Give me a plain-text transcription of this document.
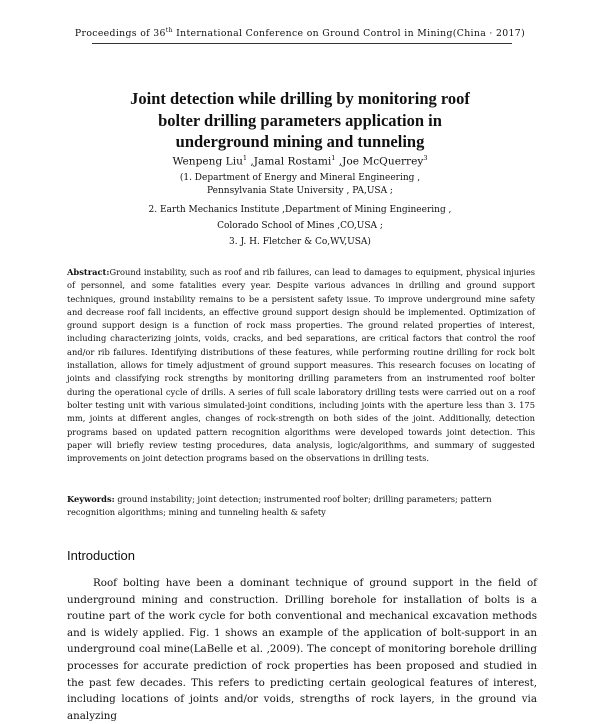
Proceedings of 36th International Conference on Ground Control in Mining(China · 2017)
Joint detection while drilling by monitoring roof
bolter drilling parameters application in
underground mining and tunneling
Wenpeng Liu$^1$ ,Jamal Rostami$^1$ ,Joe McQuerrey$^3$
(1. Department of Energy and Mineral Engineering ,
Pennsylvania State University , PA,USA ;
2. Earth Mechanics Institute ,Department of Mining Engineering ,
Colorado School of Mines ,CO,USA ;
3. J. H. Fletcher & Co,WV,USA)
Abstract:Ground instability, such as roof and rib failures, can lead to damages to equipment, physical injuries of personnel, and some fatalities every year. Despite various advances in drilling and ground support techniques, ground instability remains to be a persistent safety issue. To improve underground mine safety and decrease roof fall incidents, an effective ground support design should be implemented. Optimization of ground support design is a function of rock mass properties. The ground related properties of interest, including characterizing joints, voids, cracks, and bed separations, are critical factors that control the roof and/or rib failures. Identifying distributions of these features, while performing routine drilling for rock bolt installation, allows for timely adjustment of ground support measures. This research focuses on locating of joints and classifying rock strengths by monitoring drilling parameters from an instrumented roof bolter during the operational cycle of drills. A series of full scale laboratory drilling tests were carried out on a roof bolter testing unit with various simulated-joint conditions, including joints with the aperture less than 3. 175 mm, joints at different angles, changes of rock-strength on both sides of the joint. Additionally, detection programs based on updated pattern recognition algorithms were developed towards joint detection. This paper will briefly review testing procedures, data analysis, logic/algorithms, and summary of suggested improvements on joint detection programs based on the observations in drilling tests.
Keywords: ground instability; joint detection; instrumented roof bolter; drilling parameters; pattern recognition algorithms; mining and tunneling health & safety
Introduction
Roof bolting have been a dominant technique of ground support in the field of underground mining and construction. Drilling borehole for installation of bolts is a routine part of the work cycle for both conventional and mechanical excavation methods and is widely applied. Fig. 1 shows an example of the application of bolt-support in an underground coal mine(LaBelle et al. ,2009). The concept of monitoring borehole drilling processes for accurate prediction of rock properties has been proposed and studied in the past few decades. This refers to predicting certain geological features of interest, including locations of joints and/or voids, strengths of rock layers, in the ground via analyzing
